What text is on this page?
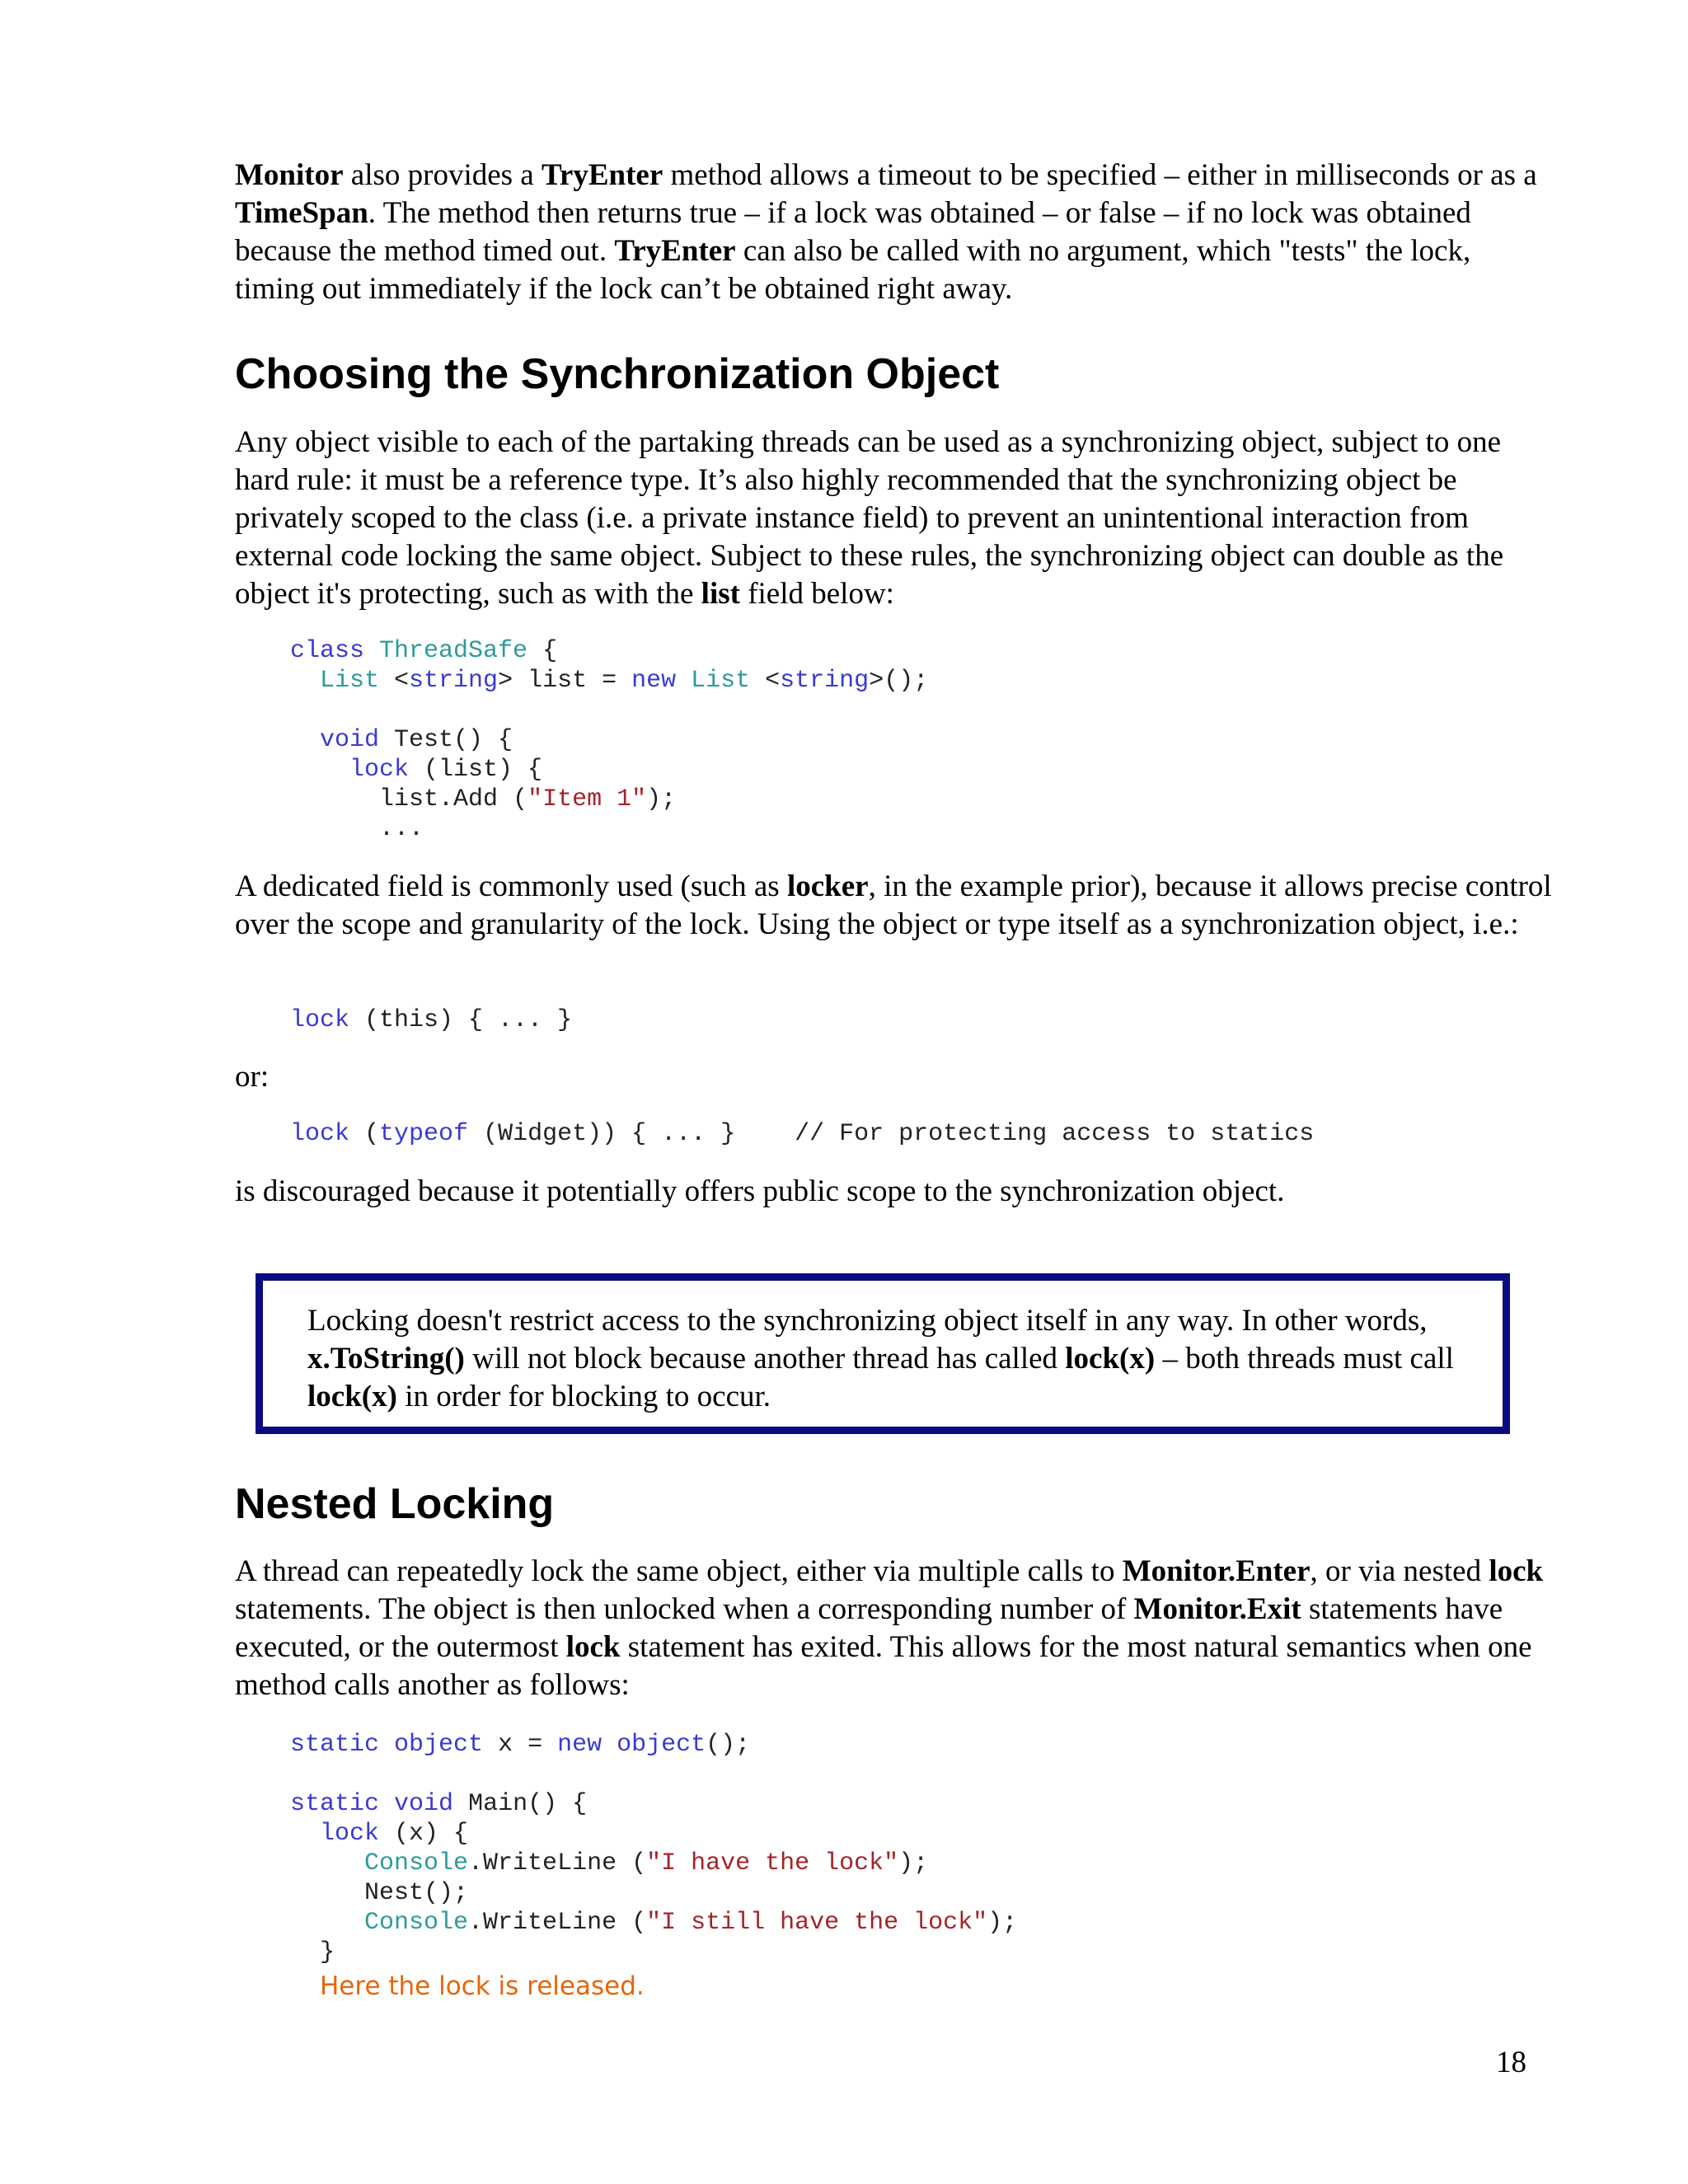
Monitor also provides a TryEnter method allows a timeout to be specified – either in milliseconds or as a TimeSpan. The method then returns true – if a lock was obtained – or false – if no lock was obtained because the method timed out. TryEnter can also be called with no argument, which "tests" the lock, timing out immediately if the lock can’t be obtained right away.

Choosing the Synchronization Object

Any object visible to each of the partaking threads can be used as a synchronizing object, subject to one hard rule: it must be a reference type. It’s also highly recommended that the synchronizing object be privately scoped to the class (i.e. a private instance field) to prevent an unintentional interaction from external code locking the same object. Subject to these rules, the synchronizing object can double as the object it's protecting, such as with the list field below:

class ThreadSafe {
List <string> list = new List <string>();

void Test() {
lock (list) {
list.Add ("Item 1");
...

A dedicated field is commonly used (such as locker, in the example prior), because it allows precise control over the scope and granularity of the lock. Using the object or type itself as a synchronization object, i.e.:

lock (this) { ... }

or:

lock (typeof (Widget)) { ... }    // For protecting access to statics

is discouraged because it potentially offers public scope to the synchronization object.

Locking doesn't restrict access to the synchronizing object itself in any way. In other words, x.ToString() will not block because another thread has called lock(x) – both threads must call lock(x) in order for blocking to occur.

Nested Locking

A thread can repeatedly lock the same object, either via multiple calls to Monitor.Enter, or via nested lock statements. The object is then unlocked when a corresponding number of Monitor.Exit statements have executed, or the outermost lock statement has exited. This allows for the most natural semantics when one method calls another as follows:

static object x = new object();

static void Main() {
lock (x) {
Console.WriteLine ("I have the lock");
Nest();
Console.WriteLine ("I still have the lock");
}
Here the lock is released.
18
